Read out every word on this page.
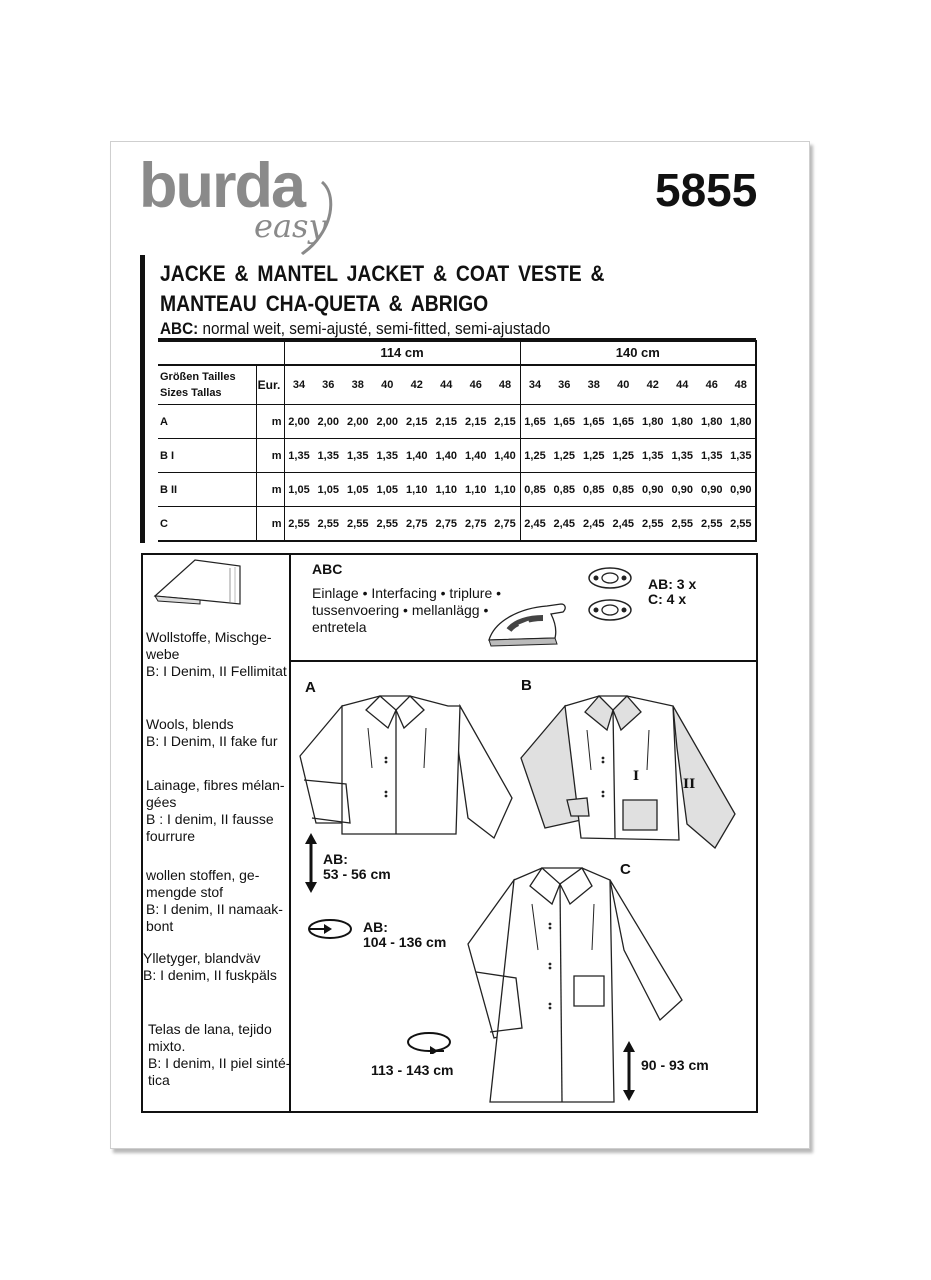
burda
easy
5855
JACKE & MANTEL JACKET & COAT VESTE & MANTEAU CHA-QUETA & ABRIGO
ABC: normal weit, semi-ajusté, semi-fitted, semi-ajustado
		114 cm								140 cm							
Größen Tailles
Sizes Tallas	Eur.	34	36	38	40	42	44	46	48	34	36	38	40	42	44	46	48
A	m	2,00	2,00	2,00	2,00	2,15	2,15	2,15	2,15	1,65	1,65	1,65	1,65	1,80	1,80	1,80	1,80
B I	m	1,35	1,35	1,35	1,35	1,40	1,40	1,40	1,40	1,25	1,25	1,25	1,25	1,35	1,35	1,35	1,35
B II	m	1,05	1,05	1,05	1,05	1,10	1,10	1,10	1,10	0,85	0,85	0,85	0,85	0,90	0,90	0,90	0,90
C	m	2,55	2,55	2,55	2,55	2,75	2,75	2,75	2,75	2,45	2,45	2,45	2,45	2,55	2,55	2,55	2,55
Wollstoffe, Mischge-
webe
B: I Denim, II Fellimitat
Wools, blends
B: I Denim, II fake fur
Lainage, fibres mélan-
gées
B : I denim, II fausse
fourrure
wollen stoffen, ge-
mengde stof
B: I denim, II namaak-
bont
Ylletyger, blandväv
B: I denim, II fuskpäls
Telas de lana, tejido
mixto.
B: I denim, II piel sinté-
tica
ABC
Einlage • Interfacing • triplure •
tussenvoering • mellanlägg •
entretela
AB: 3 x
C: 4 x
A	B
C
I
II
AB:
53 - 56 cm
AB:
104 - 136 cm
113 - 143 cm	90 - 93 cm
